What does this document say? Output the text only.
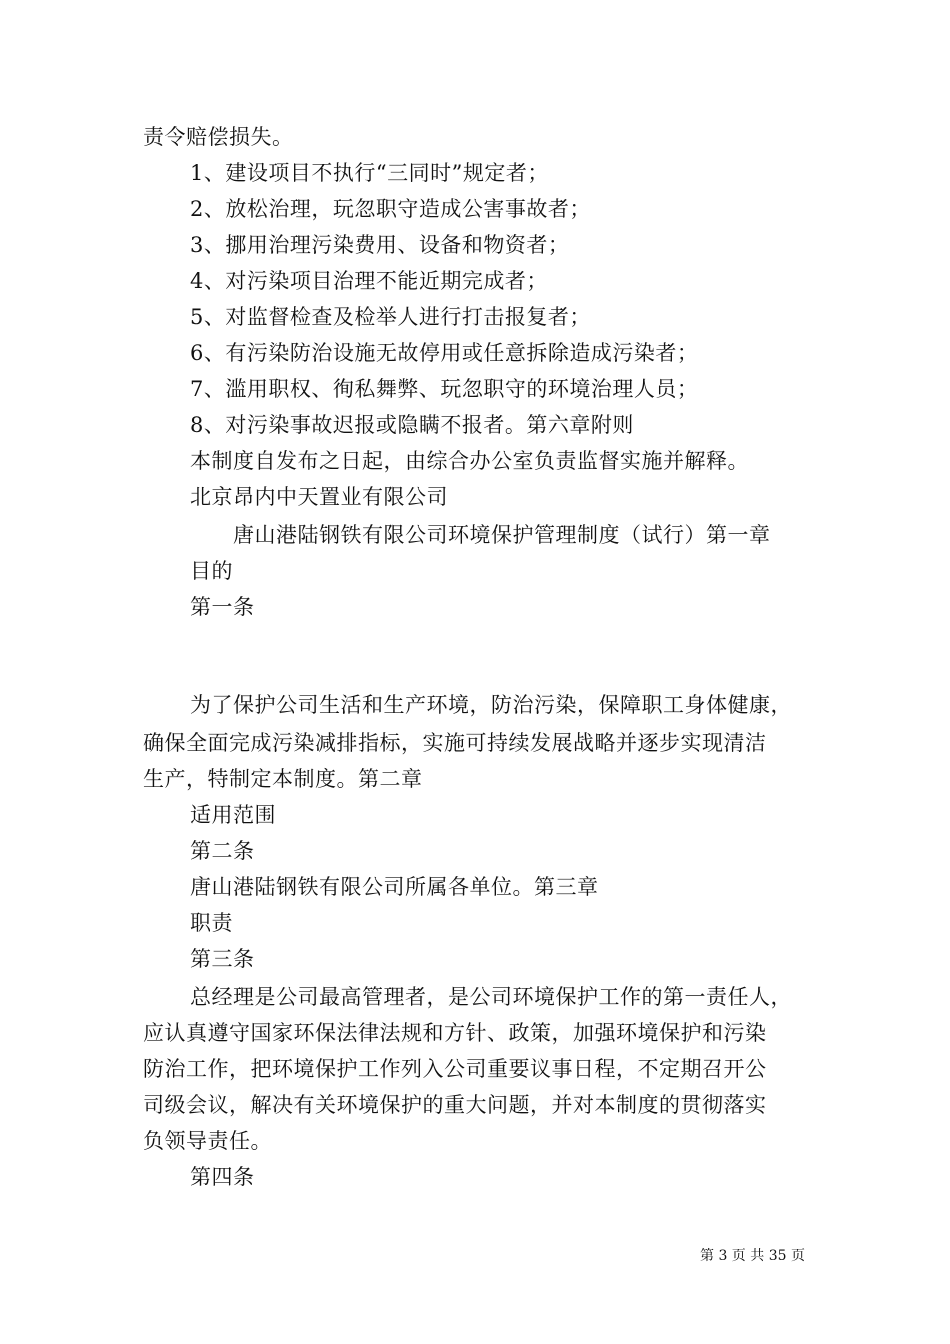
责令赔偿损失。
1、建设项目不执行“三同时”规定者；
2、放松治理，玩忽职守造成公害事故者；
3、挪用治理污染费用、设备和物资者；
4、对污染项目治理不能近期完成者；
5、对监督检查及检举人进行打击报复者；
6、有污染防治设施无故停用或任意拆除造成污染者；
7、滥用职权、徇私舞弊、玩忽职守的环境治理人员；
8、对污染事故迟报或隐瞒不报者。第六章附则
本制度自发布之日起，由综合办公室负责监督实施并解释。
北京昂内中天置业有限公司
唐山港陆钢铁有限公司环境保护管理制度（试行）第一章
目的
第一条
为了保护公司生活和生产环境，防治污染，保障职工身体健康，
确保全面完成污染减排指标，实施可持续发展战略并逐步实现清洁
生产，特制定本制度。第二章
适用范围
第二条
唐山港陆钢铁有限公司所属各单位。第三章
职责
第三条
总经理是公司最高管理者，是公司环境保护工作的第一责任人，
应认真遵守国家环保法律法规和方针、政策，加强环境保护和污染
防治工作，把环境保护工作列入公司重要议事日程，不定期召开公
司级会议，解决有关环境保护的重大问题，并对本制度的贯彻落实
负领导责任。
第四条
第 3 页 共 35 页
